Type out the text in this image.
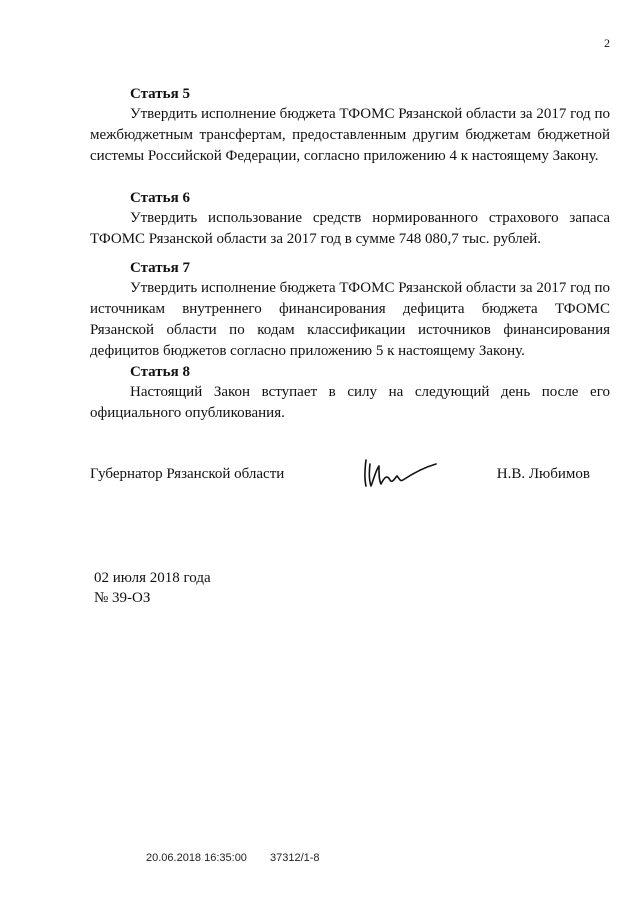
2
Статья 5
Утвердить исполнение бюджета ТФОМС Рязанской области за 2017 год по межбюджетным трансфертам, предоставленным другим бюджетам бюджетной системы Российской Федерации, согласно приложению 4 к настоящему Закону.
Статья 6
Утвердить использование средств нормированного страхового запаса ТФОМС Рязанской области за 2017 год в сумме 748 080,7 тыс. рублей.
Статья 7
Утвердить исполнение бюджета ТФОМС Рязанской области за 2017 год по источникам внутреннего финансирования дефицита бюджета ТФОМС Рязанской области по кодам классификации источников финансирования дефицитов бюджетов согласно приложению 5 к настоящему Закону.
Статья 8
Настоящий Закон вступает в силу на следующий день после его официального опубликования.
Губернатор Рязанской области	Н.В. Любимов
02 июля 2018 года
№ 39-ОЗ
20.06.2018 16:35:00 37312/1-8
